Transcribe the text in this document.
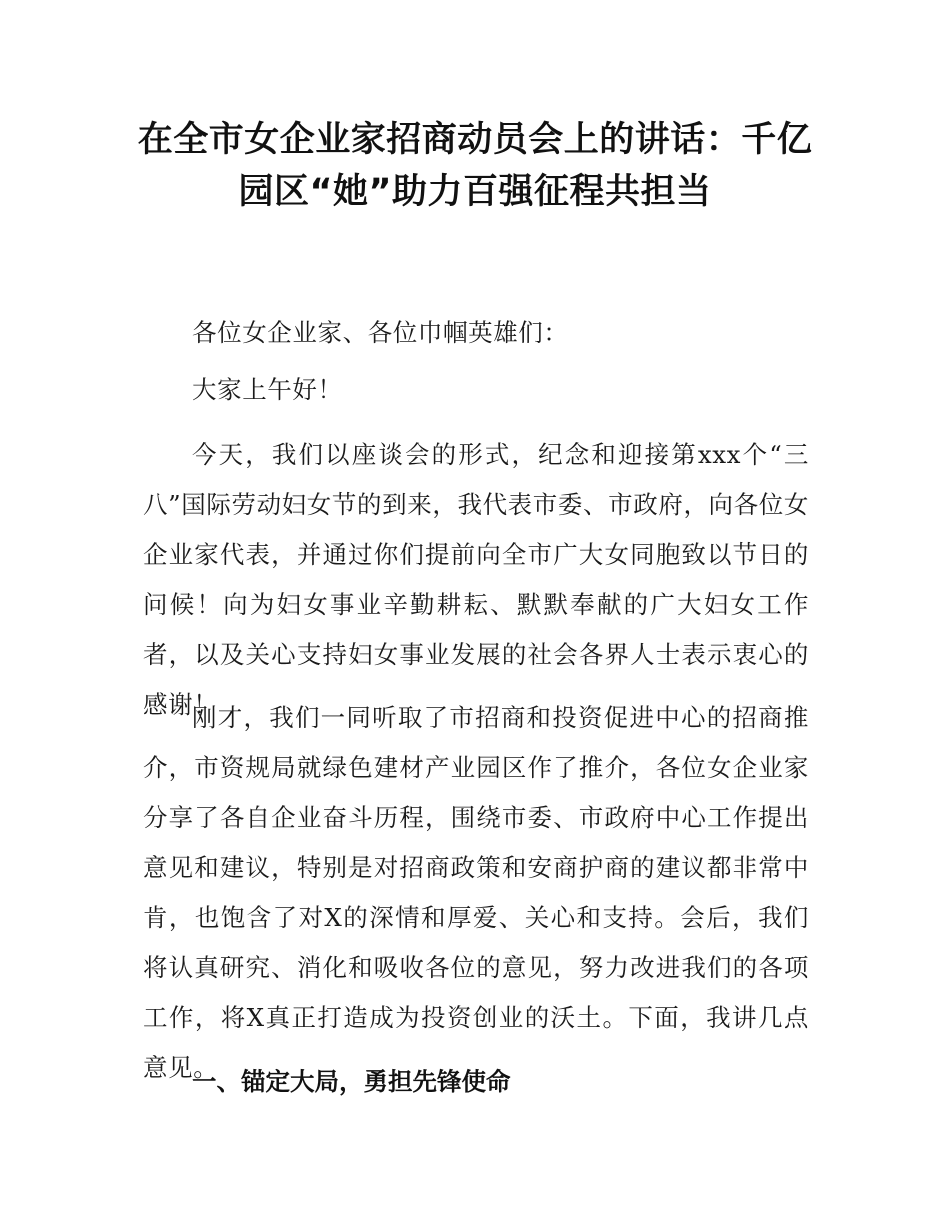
在全市女企业家招商动员会上的讲话：千亿
园区“她”助力百强征程共担当

各位女企业家、各位巾帼英雄们：

大家上午好！

今天，我们以座谈会的形式，纪念和迎接第xxx个“三八”国际劳动妇女节的到来，我代表市委、市政府，向各位女企业家代表，并通过你们提前向全市广大女同胞致以节日的问候！向为妇女事业辛勤耕耘、默默奉献的广大妇女工作者，以及关心支持妇女事业发展的社会各界人士表示衷心的感谢！

刚才，我们一同听取了市招商和投资促进中心的招商推介，市资规局就绿色建材产业园区作了推介，各位女企业家分享了各自企业奋斗历程，围绕市委、市政府中心工作提出意见和建议，特别是对招商政策和安商护商的建议都非常中肯，也饱含了对X的深情和厚爱、关心和支持。会后，我们将认真研究、消化和吸收各位的意见，努力改进我们的各项工作，将X真正打造成为投资创业的沃土。下面，我讲几点意见。

一、锚定大局，勇担先锋使命
